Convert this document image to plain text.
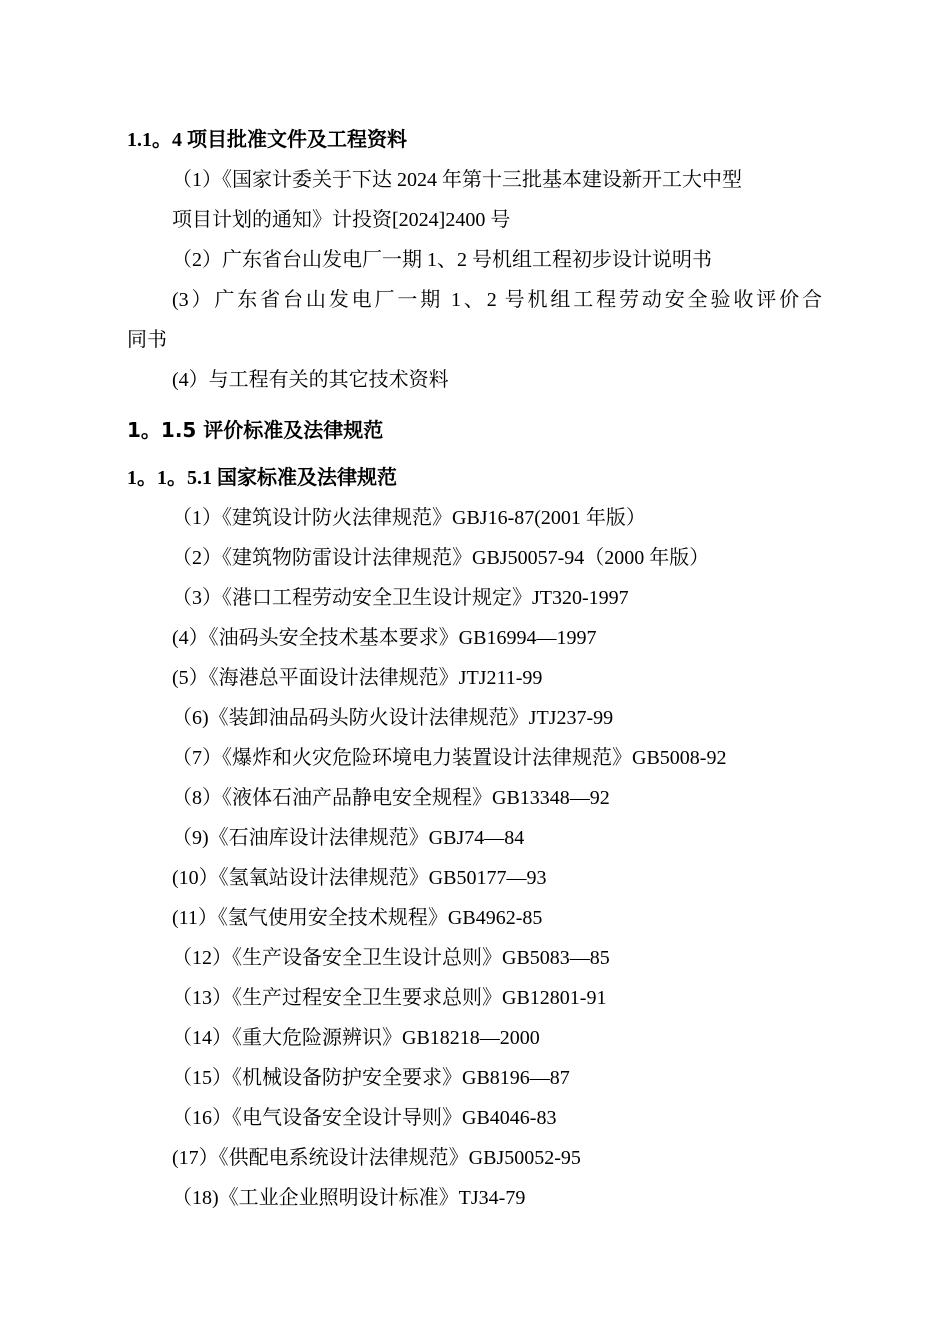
1.1。4 项目批准文件及工程资料
（1）《国家计委关于下达 2024 年第十三批基本建设新开工大中型
项目计划的通知》计投资[2024]2400 号
（2）广东省台山发电厂一期 1、2 号机组工程初步设计说明书
(3）广东省台山发电厂一期 1、2 号机组工程劳动安全验收评价合
同书
(4）与工程有关的其它技术资料
1。1.5 评价标准及法律规范
1。1。5.1 国家标准及法律规范
（1）《建筑设计防火法律规范》GBJ16-87(2001 年版）
（2）《建筑物防雷设计法律规范》GBJ50057-94（2000 年版）
（3）《港口工程劳动安全卫生设计规定》JT320-1997
(4）《油码头安全技术基本要求》GB16994—1997
(5）《海港总平面设计法律规范》JTJ211-99
（6)《装卸油品码头防火设计法律规范》JTJ237-99
（7）《爆炸和火灾危险环境电力装置设计法律规范》GB5008-92
（8）《液体石油产品静电安全规程》GB13348—92
（9)《石油库设计法律规范》GBJ74—84
(10）《氢氧站设计法律规范》GB50177—93
(11）《氢气使用安全技术规程》GB4962-85
（12）《生产设备安全卫生设计总则》GB5083—85
（13）《生产过程安全卫生要求总则》GB12801-91
（14）《重大危险源辨识》GB18218—2000
（15）《机械设备防护安全要求》GB8196—87
（16）《电气设备安全设计导则》GB4046-83
(17）《供配电系统设计法律规范》GBJ50052-95
（18)《工业企业照明设计标准》TJ34-79
